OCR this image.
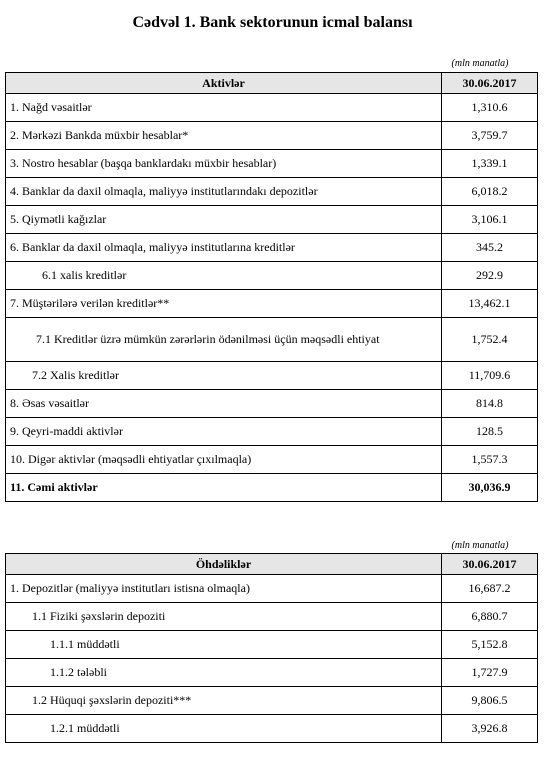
Cədvəl 1. Bank sektorunun icmal balansı
(mln manatla)
Aktivlər	30.06.2017
1. Nağd vəsaitlər	1,310.6
2. Mərkəzi Bankda müxbir hesablar*	3,759.7
3. Nostro hesablar (başqa banklardakı müxbir hesablar)	1,339.1
4. Banklar da daxil olmaqla, maliyyə institutlarındakı depozitlər	6,018.2
5. Qiymətli kağızlar	3,106.1
6. Banklar da daxil olmaqla, maliyyə institutlarına kreditlər	345.2
6.1 xalis kreditlər	292.9
7. Müştərilərə verilən kreditlər**	13,462.1
7.1 Kreditlər üzrə mümkün zərərlərin ödənilməsi üçün məqsədli ehtiyat	1,752.4
7.2 Xalis kreditlər	11,709.6
8. Əsas vəsaitlər	814.8
9. Qeyri-maddi aktivlər	128.5
10. Digər aktivlər (məqsədli ehtiyatlar çıxılmaqla)	1,557.3
11. Cəmi aktivlər	30,036.9
(mln manatla)
Öhdəliklər	30.06.2017
1. Depozitlər (maliyyə institutları istisna olmaqla)	16,687.2
1.1 Fiziki şəxslərin depoziti	6,880.7
1.1.1 müddətli	5,152.8
1.1.2 tələbli	1,727.9
1.2 Hüquqi şəxslərin depoziti***	9,806.5
1.2.1 müddətli	3,926.8
